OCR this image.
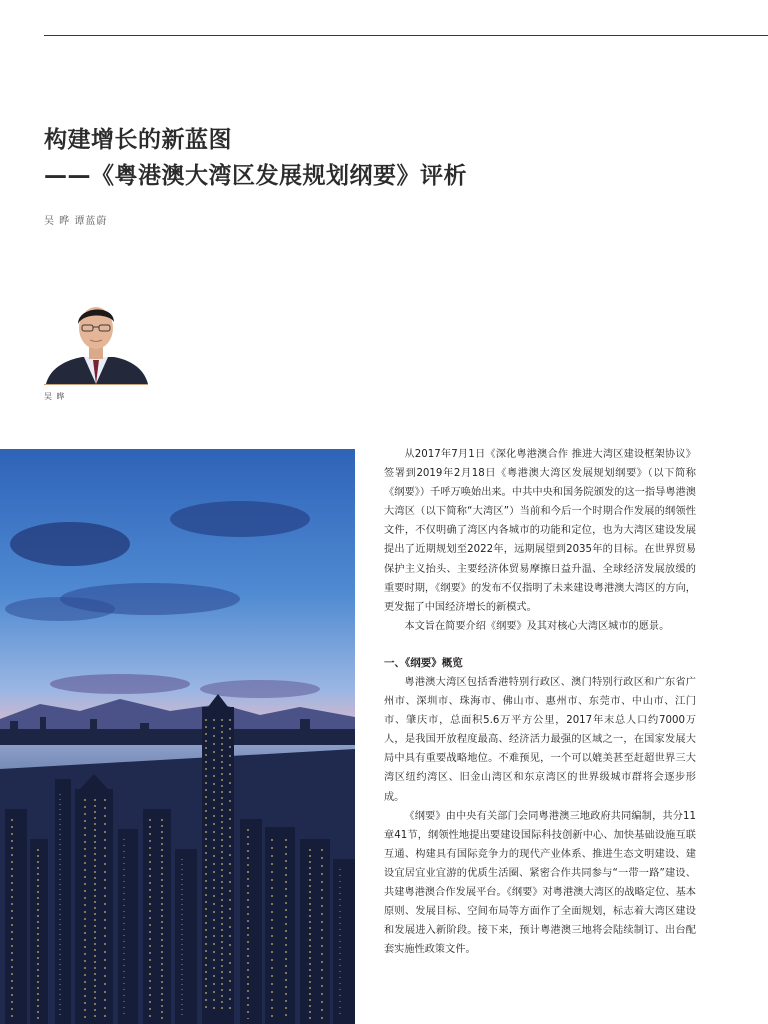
构建增长的新蓝图
——《粤港澳大湾区发展规划纲要》评析
吴 晔 谭蓝蔚
吴 晔

从2017年7月1日《深化粤港澳合作 推进大湾区建设框架协议》签署到2019年2月18日《粤港澳大湾区发展规划纲要》（以下简称《纲要》）千呼万唤始出来。中共中央和国务院颁发的这一指导粤港澳大湾区（以下简称“大湾区”）当前和今后一个时期合作发展的纲领性文件，不仅明确了湾区内各城市的功能和定位，也为大湾区建设发展提出了近期规划至2022年，远期展望到2035年的目标。在世界贸易保护主义抬头、主要经济体贸易摩擦日益升温、全球经济发展放缓的重要时期，《纲要》的发布不仅指明了未来建设粤港澳大湾区的方向，更发掘了中国经济增长的新模式。

本文旨在简要介绍《纲要》及其对核心大湾区城市的愿景。

一、《纲要》概览

粤港澳大湾区包括香港特别行政区、澳门特别行政区和广东省广州市、深圳市、珠海市、佛山市、惠州市、东莞市、中山市、江门市、肇庆市，总面积5.6万平方公里，2017年末总人口约7000万人，是我国开放程度最高、经济活力最强的区域之一，在国家发展大局中具有重要战略地位。不难预见，一个可以媲美甚至赶超世界三大湾区纽约湾区、旧金山湾区和东京湾区的世界级城市群将会逐步形成。

《纲要》由中央有关部门会同粤港澳三地政府共同编制，共分11章41节，纲领性地提出要建设国际科技创新中心、加快基础设施互联互通、构建具有国际竞争力的现代产业体系、推进生态文明建设、建设宜居宜业宜游的优质生活圈、紧密合作共同参与“一带一路”建设、共建粤港澳合作发展平台。《纲要》对粤港澳大湾区的战略定位、基本原则、发展目标、空间布局等方面作了全面规划，标志着大湾区建设和发展进入新阶段。接下来，预计粤港澳三地将会陆续制订、出台配套实施性政策文件。
